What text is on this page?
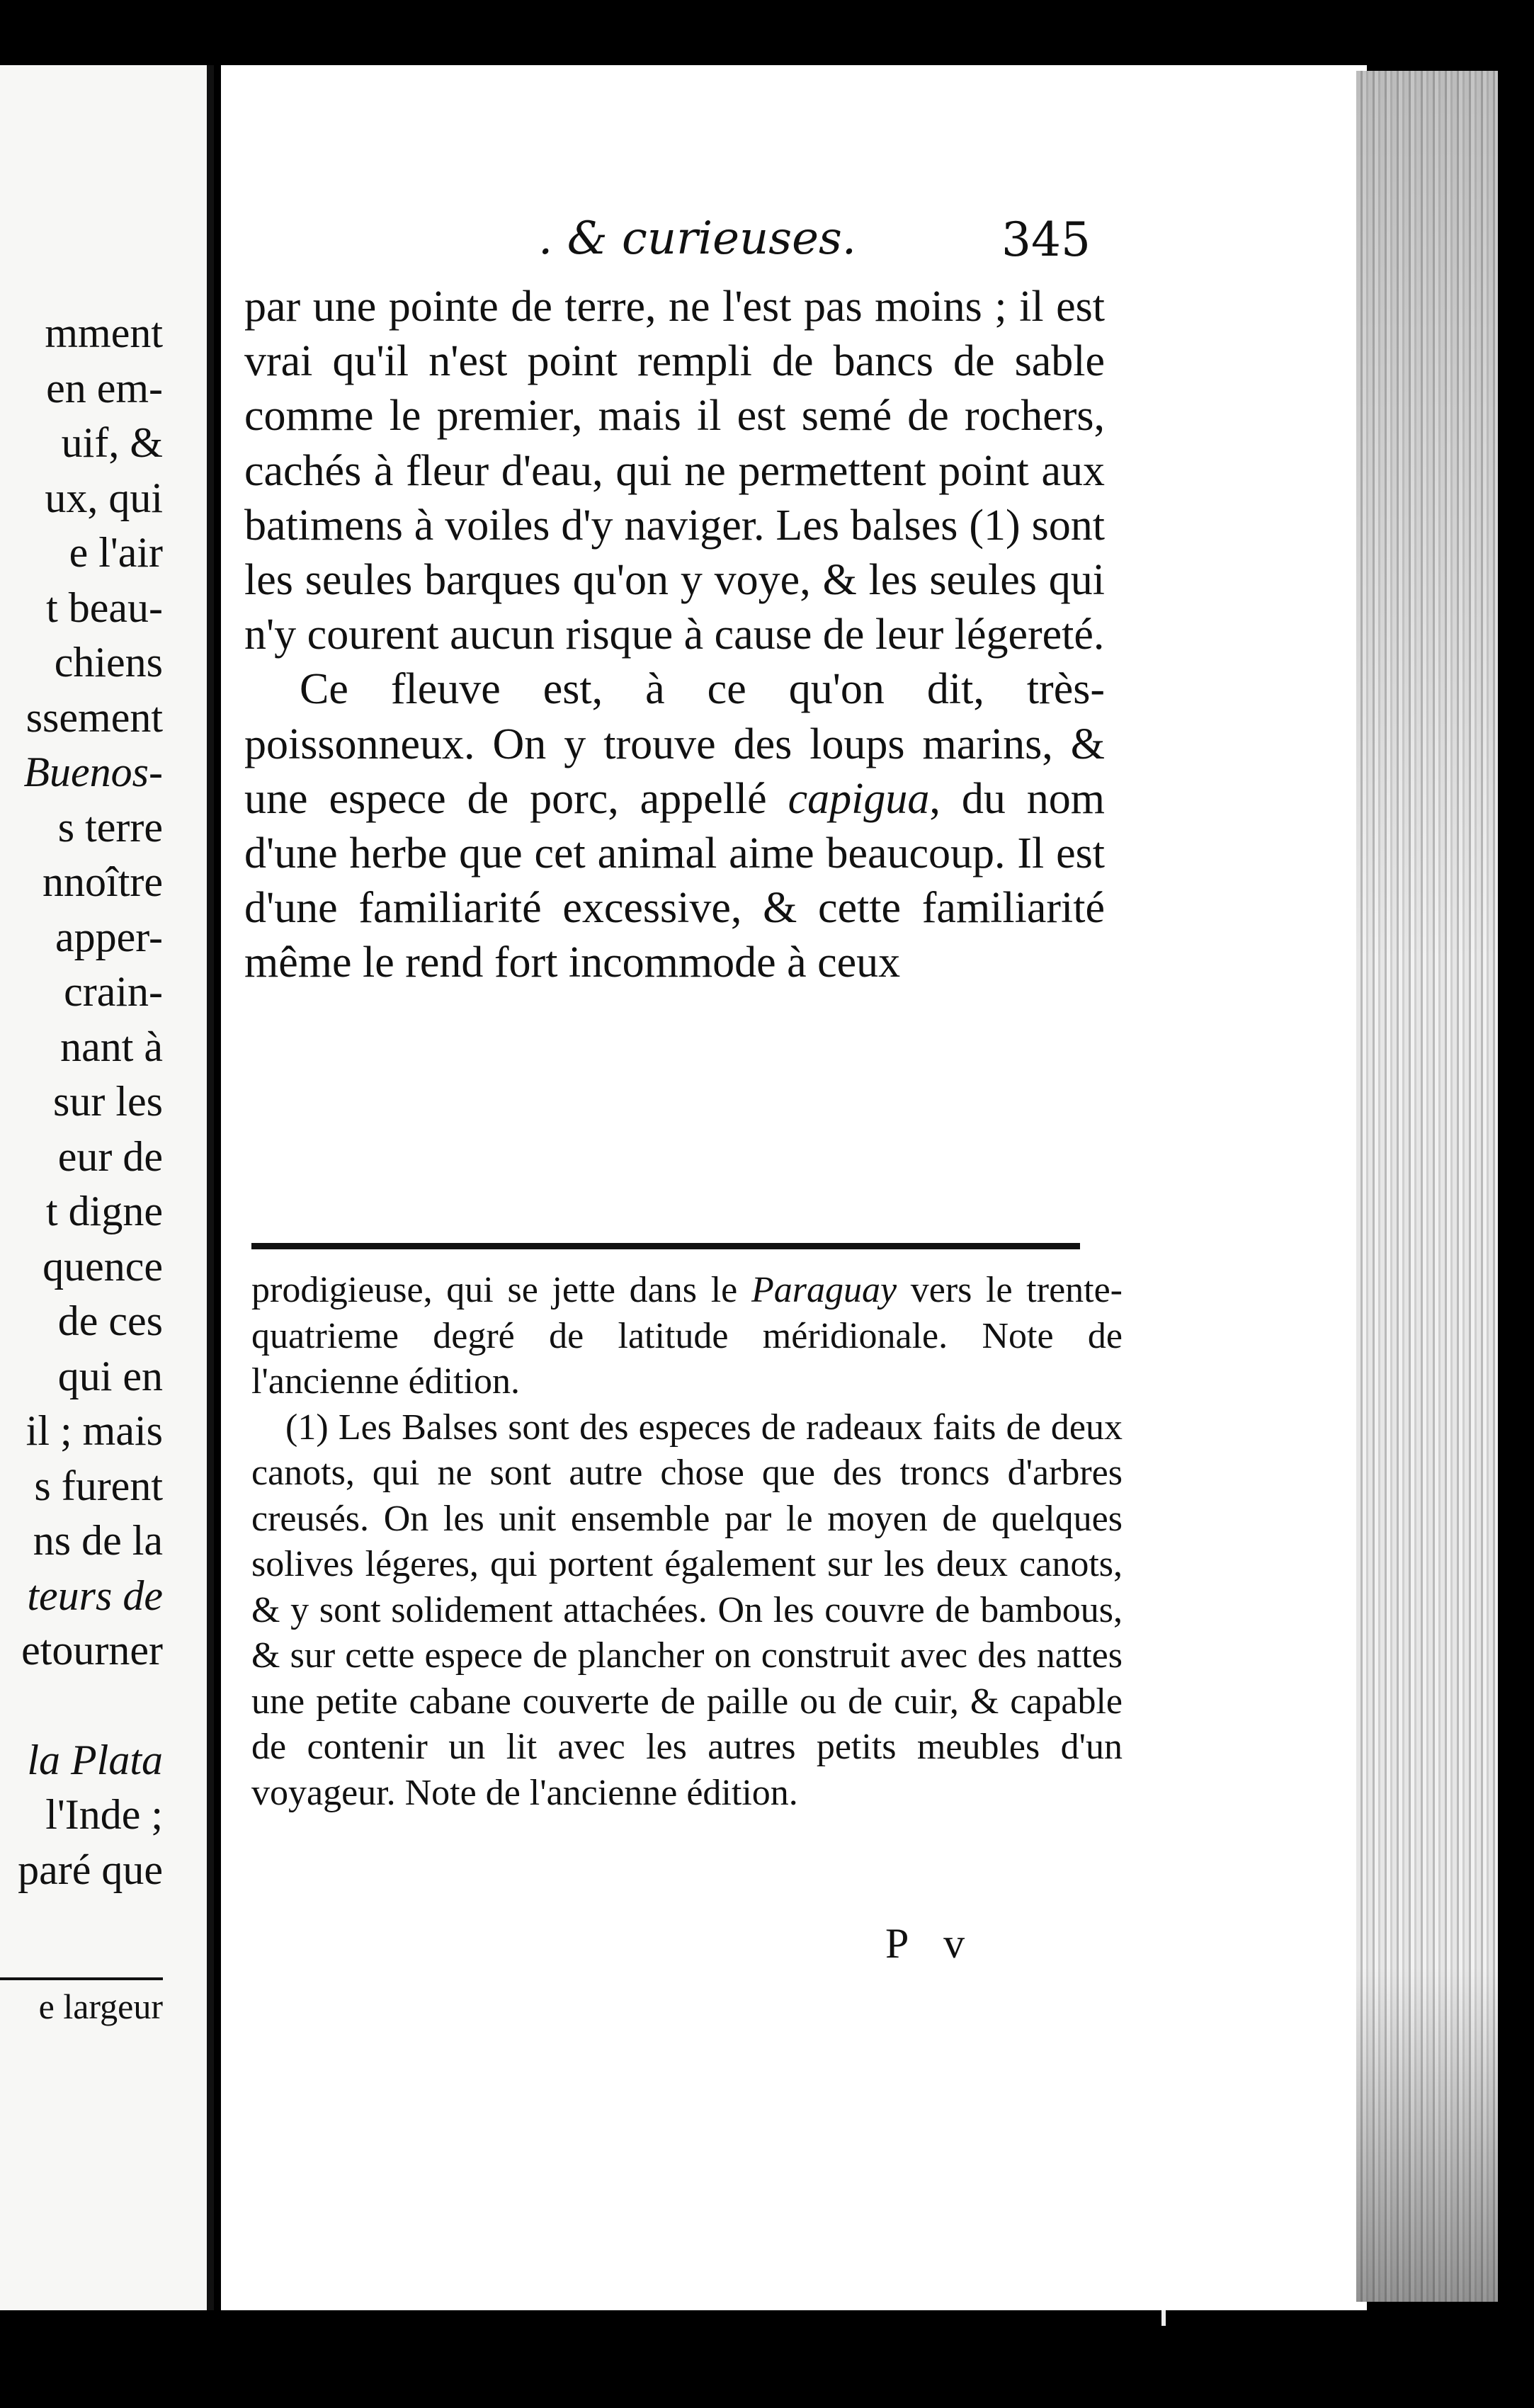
mment
en em-
uif, &
ux, qui
e l'air
t beau-
chiens
ssement
Buenos-
s terre
nnoître
apper-
crain-
nant à
sur les
eur de
t digne
quence
de ces
qui en
il ; mais
s furent
ns de la
teurs de
etourner
la Plata
l'Inde ;
paré que
e largeur
. & curieuses.	345

par une pointe de terre, ne l'est pas moins ; il est vrai qu'il n'est point rempli de bancs de sable comme le premier, mais il est semé de rochers, cachés à fleur d'eau, qui ne permettent point aux batimens à voiles d'y naviger. Les balses (1) sont les seules barques qu'on y voye, & les seules qui n'y courent aucun risque à cause de leur légereté.

Ce fleuve est, à ce qu'on dit, très-poissonneux. On y trouve des loups marins, & une espece de porc, appellé capigua, du nom d'une herbe que cet animal aime beaucoup. Il est d'une familiarité excessive, & cette familiarité même le rend fort incommode à ceux

prodigieuse, qui se jette dans le Paraguay vers le trente-quatrieme degré de latitude méridionale. Note de l'ancienne édition.

(1) Les Balses sont des especes de radeaux faits de deux canots, qui ne sont autre chose que des troncs d'arbres creusés. On les unit ensemble par le moyen de quelques solives légeres, qui portent également sur les deux canots, & y sont solidement attachées. On les couvre de bambous, & sur cette espece de plancher on construit avec des nattes une petite cabane couverte de paille ou de cuir, & capable de contenir un lit avec les autres petits meubles d'un voyageur. Note de l'ancienne édition.

P v
